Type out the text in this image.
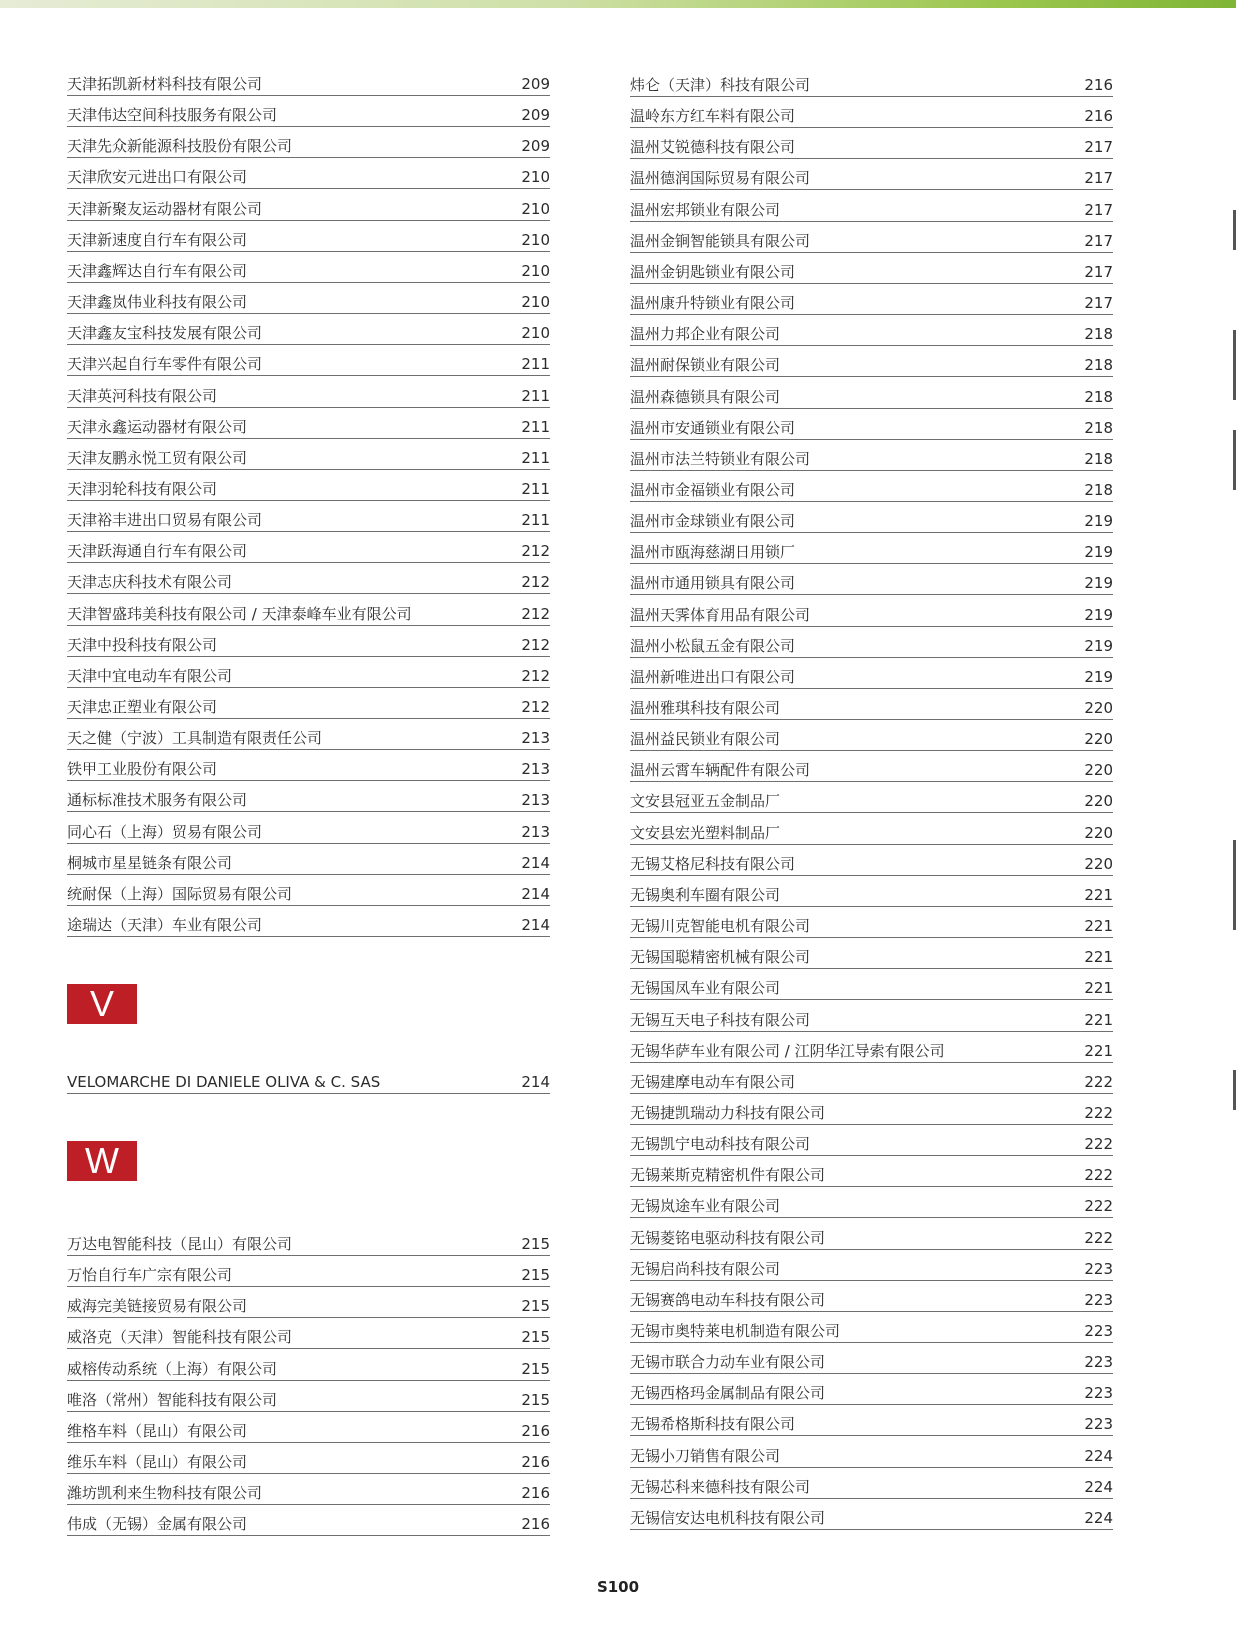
天津拓凯新材料科技有限公司	209
天津伟达空间科技服务有限公司	209
天津先众新能源科技股份有限公司	209
天津欣安元进出口有限公司	210
天津新聚友运动器材有限公司	210
天津新速度自行车有限公司	210
天津鑫辉达自行车有限公司	210
天津鑫岚伟业科技有限公司	210
天津鑫友宝科技发展有限公司	210
天津兴起自行车零件有限公司	211
天津英河科技有限公司	211
天津永鑫运动器材有限公司	211
天津友鹏永悦工贸有限公司	211
天津羽轮科技有限公司	211
天津裕丰进出口贸易有限公司	211
天津跃海通自行车有限公司	212
天津志庆科技术有限公司	212
天津智盛玮美科技有限公司 / 天津泰峰车业有限公司	212
天津中投科技有限公司	212
天津中宜电动车有限公司	212
天津忠正塑业有限公司	212
天之健（宁波）工具制造有限责任公司	213
铁甲工业股份有限公司	213
通标标准技术服务有限公司	213
同心石（上海）贸易有限公司	213
桐城市星星链条有限公司	214
统耐保（上海）国际贸易有限公司	214
途瑞达（天津）车业有限公司	214
VELOMARCHE DI DANIELE OLIVA & C. SAS	214
万达电智能科技（昆山）有限公司	215
万怡自行车广宗有限公司	215
威海完美链接贸易有限公司	215
威洛克（天津）智能科技有限公司	215
威榕传动系统（上海）有限公司	215
唯洛（常州）智能科技有限公司	215
维格车料（昆山）有限公司	216
维乐车料（昆山）有限公司	216
潍坊凯利来生物科技有限公司	216
伟成（无锡）金属有限公司	216
炜仑（天津）科技有限公司	216
温岭东方红车料有限公司	216
温州艾锐德科技有限公司	217
温州德润国际贸易有限公司	217
温州宏邦锁业有限公司	217
温州金锏智能锁具有限公司	217
温州金钥匙锁业有限公司	217
温州康升特锁业有限公司	217
温州力邦企业有限公司	218
温州耐保锁业有限公司	218
温州森德锁具有限公司	218
温州市安通锁业有限公司	218
温州市法兰特锁业有限公司	218
温州市金福锁业有限公司	218
温州市金球锁业有限公司	219
温州市瓯海慈湖日用锁厂	219
温州市通用锁具有限公司	219
温州天霁体育用品有限公司	219
温州小松鼠五金有限公司	219
温州新唯进出口有限公司	219
温州雅琪科技有限公司	220
温州益民锁业有限公司	220
温州云霄车辆配件有限公司	220
文安县冠亚五金制品厂	220
文安县宏光塑料制品厂	220
无锡艾格尼科技有限公司	220
无锡奥利车圈有限公司	221
无锡川克智能电机有限公司	221
无锡国聪精密机械有限公司	221
无锡国凤车业有限公司	221
无锡互天电子科技有限公司	221
无锡华萨车业有限公司 / 江阴华江导索有限公司	221
无锡建摩电动车有限公司	222
无锡捷凯瑞动力科技有限公司	222
无锡凯宁电动科技有限公司	222
无锡莱斯克精密机件有限公司	222
无锡岚途车业有限公司	222
无锡菱铭电驱动科技有限公司	222
无锡启尚科技有限公司	223
无锡赛鸽电动车科技有限公司	223
无锡市奥特莱电机制造有限公司	223
无锡市联合力动车业有限公司	223
无锡西格玛金属制品有限公司	223
无锡希格斯科技有限公司	223
无锡小刀销售有限公司	224
无锡芯科来德科技有限公司	224
无锡信安达电机科技有限公司	224
V
W
S100
